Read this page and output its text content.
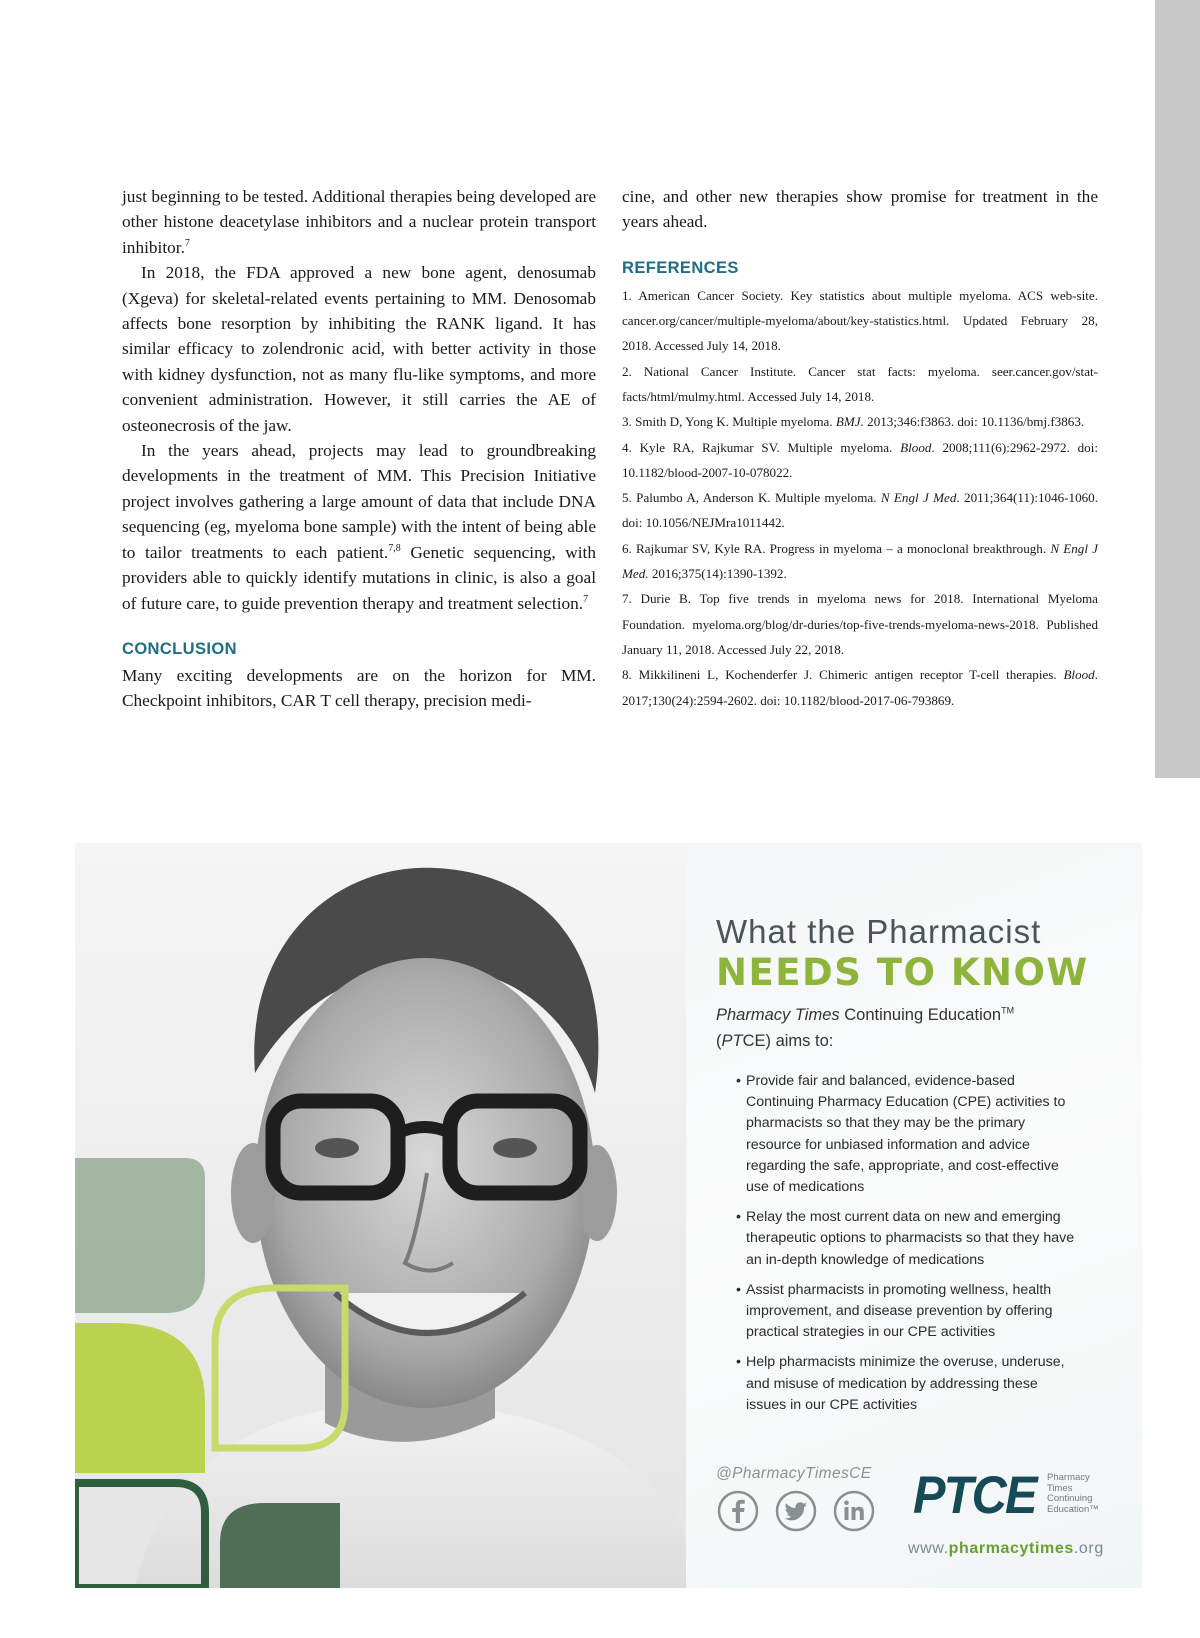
just beginning to be tested. Additional therapies being developed are other histone deacetylase inhibitors and a nuclear protein transport inhibitor.$^7$

In 2018, the FDA approved a new bone agent, denosumab (Xgeva) for skeletal-related events pertaining to MM. Denosomab affects bone resorption by inhibiting the RANK ligand. It has similar efficacy to zolendronic acid, with better activity in those with kidney dysfunction, not as many flu-like symptoms, and more convenient administration. However, it still carries the AE of osteonecrosis of the jaw.

In the years ahead, projects may lead to groundbreaking developments in the treatment of MM. This Precision Initiative project involves gathering a large amount of data that include DNA sequencing (eg, myeloma bone sample) with the intent of being able to tailor treatments to each patient.$^{7,8}$ Genetic sequencing, with providers able to quickly identify mutations in clinic, is also a goal of future care, to guide prevention therapy and treatment selection.$^7$

CONCLUSION

Many exciting developments are on the horizon for MM. Checkpoint inhibitors, CAR T cell therapy, precision medi-

cine, and other new therapies show promise for treatment in the years ahead.

REFERENCES
1. American Cancer Society. Key statistics about multiple myeloma. ACS web-site. cancer.org/cancer/multiple-myeloma/about/key-statistics.html. Updated February 28, 2018. Accessed July 14, 2018.
2. National Cancer Institute. Cancer stat facts: myeloma. seer.cancer.gov/stat-facts/html/mulmy.html. Accessed July 14, 2018.
3. Smith D, Yong K. Multiple myeloma. BMJ. 2013;346:f3863. doi: 10.1136/bmj.f3863.
4. Kyle RA, Rajkumar SV. Multiple myeloma. Blood. 2008;111(6):2962-2972. doi: 10.1182/blood-2007-10-078022.
5. Palumbo A, Anderson K. Multiple myeloma. N Engl J Med. 2011;364(11):1046-1060. doi: 10.1056/NEJMra1011442.
6. Rajkumar SV, Kyle RA. Progress in myeloma – a monoclonal breakthrough. N Engl J Med. 2016;375(14):1390-1392.
7. Durie B. Top five trends in myeloma news for 2018. International Myeloma Foundation. myeloma.org/blog/dr-duries/top-five-trends-myeloma-news-2018. Published January 11, 2018. Accessed July 22, 2018.
8. Mikkilineni L, Kochenderfer J. Chimeric antigen receptor T-cell therapies. Blood. 2017;130(24):2594-2602. doi: 10.1182/blood-2017-06-793869.
What the Pharmacist
NEEDS TO KNOW

Pharmacy Times Continuing Education™
(PTCE) aims to:

• Provide fair and balanced, evidence-based Continuing Pharmacy Education (CPE) activities to pharmacists so that they may be the primary resource for unbiased information and advice regarding the safe, appropriate, and cost-effective use of medications
• Relay the most current data on new and emerging therapeutic options to pharmacists so that they have an in-depth knowledge of medications
• Assist pharmacists in promoting wellness, health improvement, and disease prevention by offering practical strategies in our CPE activities
• Help pharmacists minimize the overuse, underuse, and misuse of medication by addressing these issues in our CPE activities

@PharmacyTimesCE PTCE Pharmacy Times Continuing Education™

www.pharmacytimes.org
